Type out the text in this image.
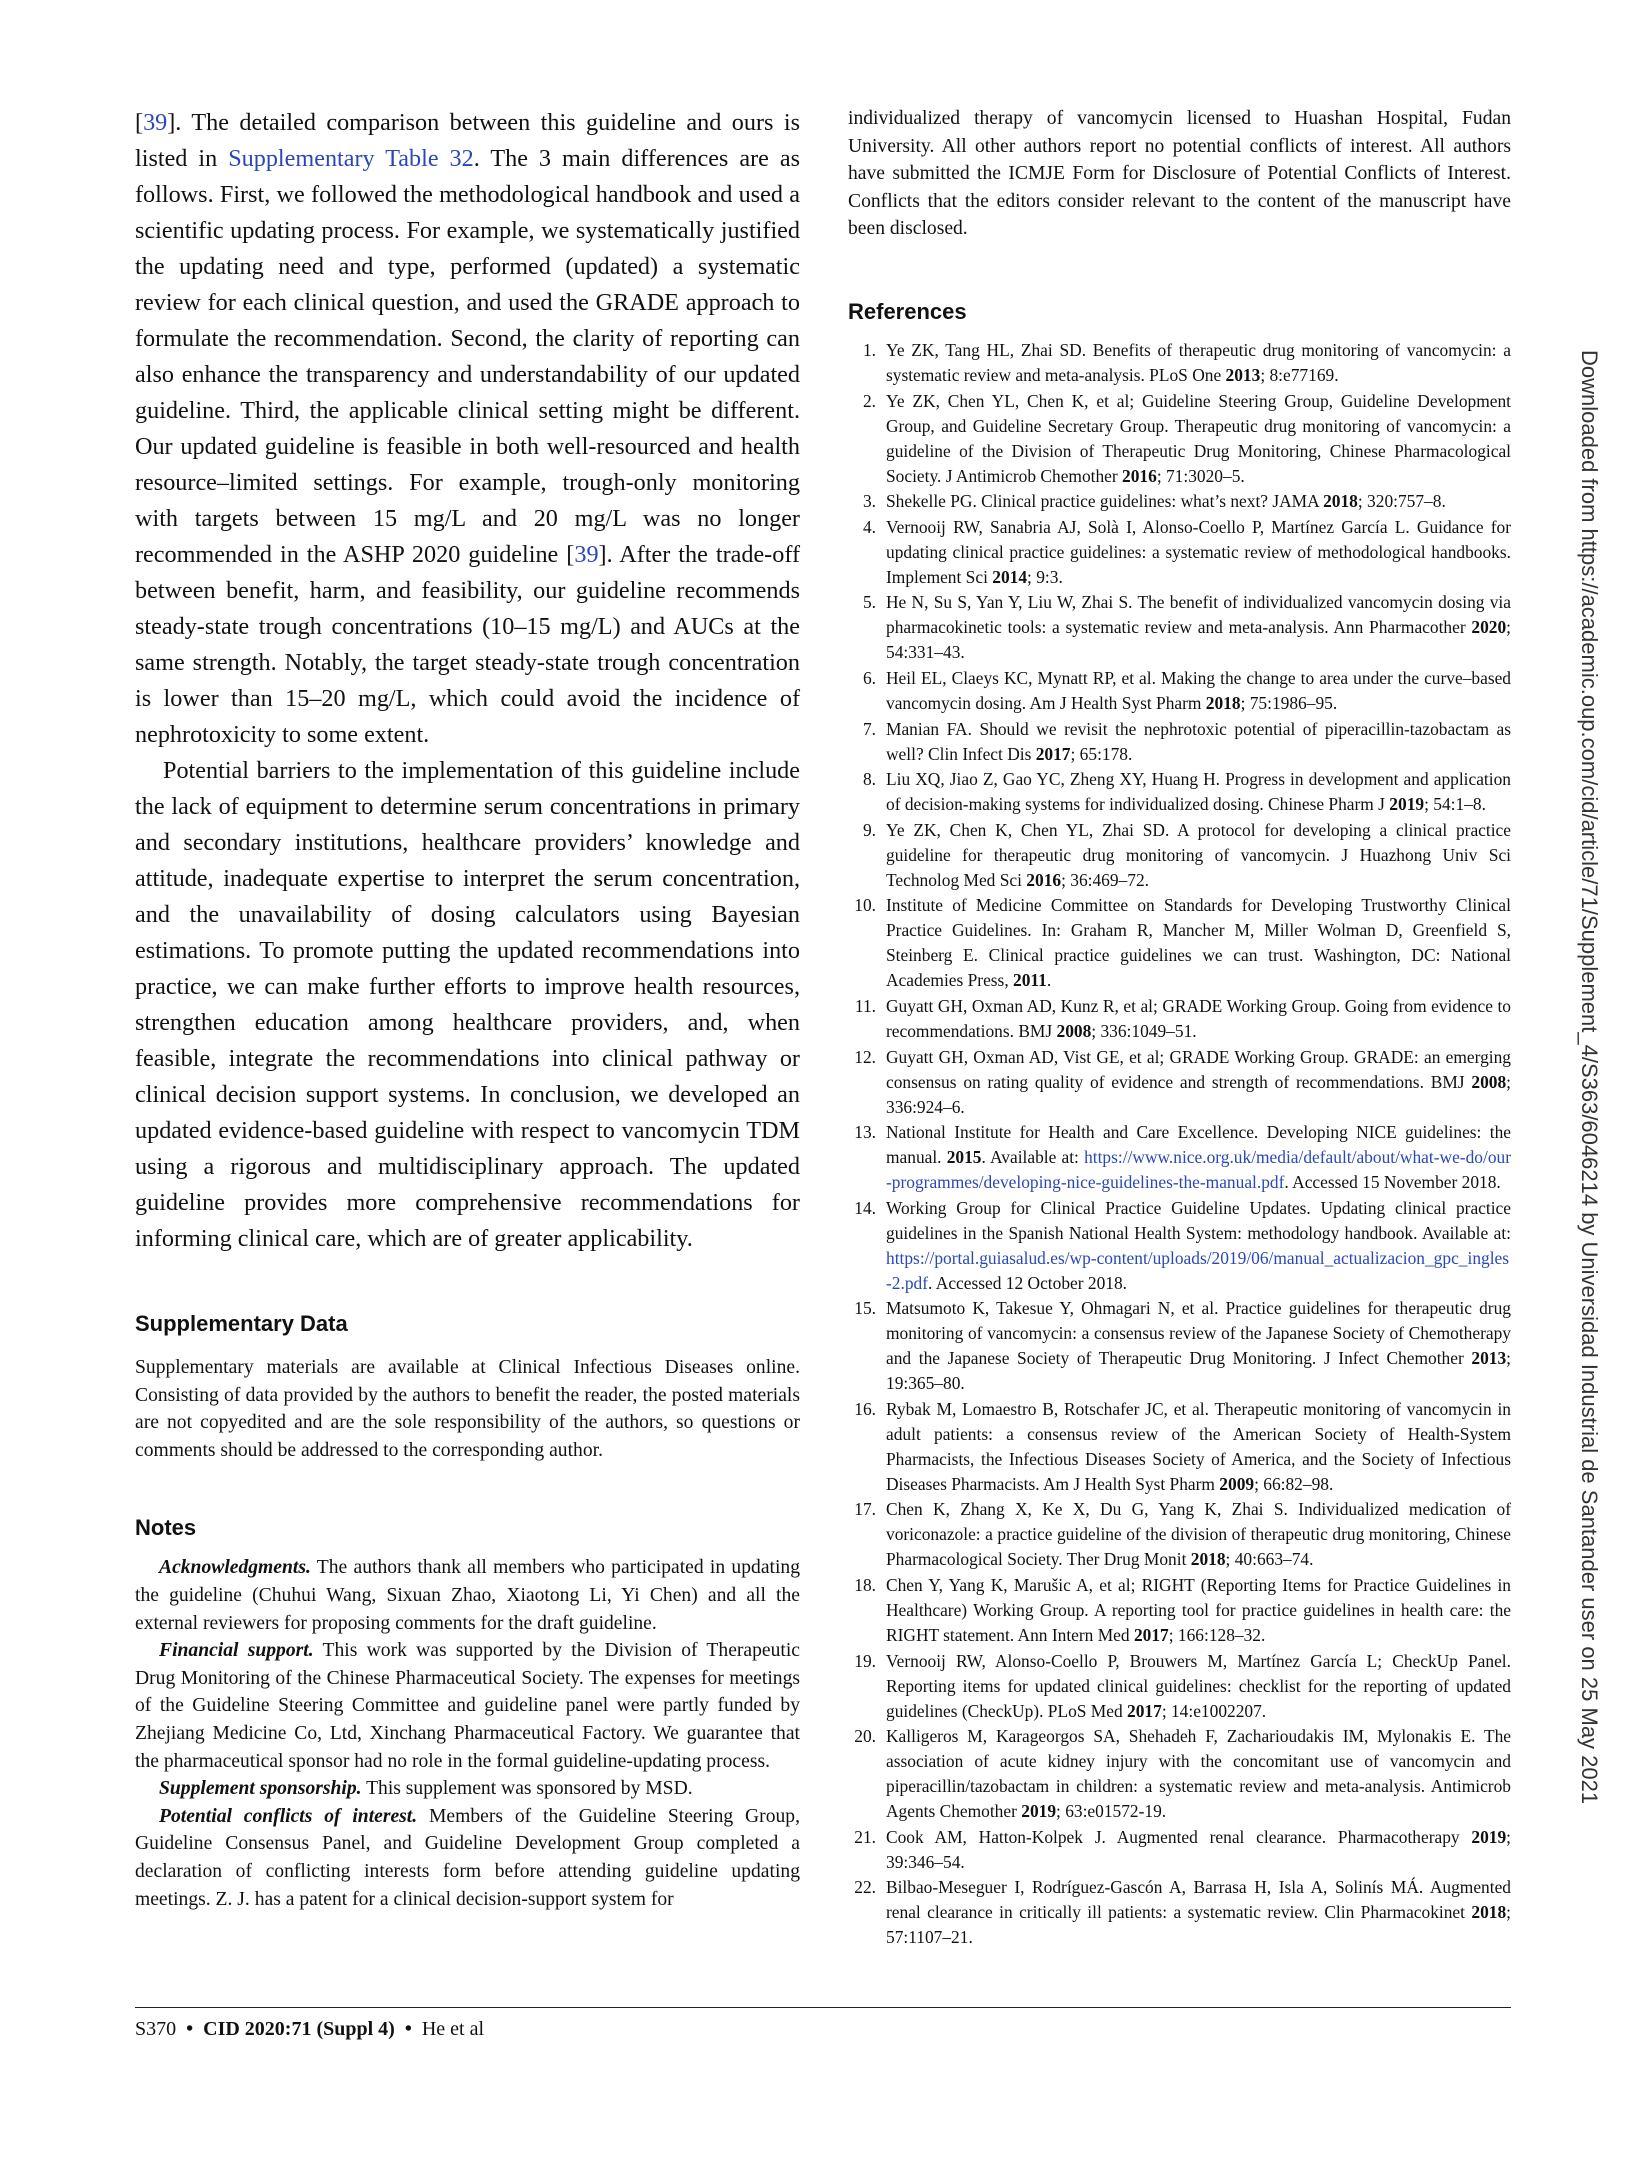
[39]. The detailed comparison between this guideline and ours is listed in Supplementary Table 32. The 3 main differences are as follows. First, we followed the methodological handbook and used a scientific updating process. For example, we systematically justified the updating need and type, performed (updated) a systematic review for each clinical question, and used the GRADE approach to formulate the recommendation. Second, the clarity of reporting can also enhance the transparency and understandability of our updated guideline. Third, the applicable clinical setting might be different. Our updated guideline is feasible in both well-resourced and health resource–limited settings. For example, trough-only monitoring with targets between 15 mg/L and 20 mg/L was no longer recommended in the ASHP 2020 guideline [39]. After the trade-off between benefit, harm, and feasibility, our guideline recommends steady-state trough concentrations (10–15 mg/L) and AUCs at the same strength. Notably, the target steady-state trough concentration is lower than 15–20 mg/L, which could avoid the incidence of nephrotoxicity to some extent.

Potential barriers to the implementation of this guideline include the lack of equipment to determine serum concentrations in primary and secondary institutions, healthcare providers’ knowledge and attitude, inadequate expertise to interpret the serum concentration, and the unavailability of dosing calculators using Bayesian estimations. To promote putting the updated recommendations into practice, we can make further efforts to improve health resources, strengthen education among healthcare providers, and, when feasible, integrate the recommendations into clinical pathway or clinical decision support systems. In conclusion, we developed an updated evidence-based guideline with respect to vancomycin TDM using a rigorous and multidisciplinary approach. The updated guideline provides more comprehensive recommendations for informing clinical care, which are of greater applicability.

Supplementary Data

Supplementary materials are available at Clinical Infectious Diseases online. Consisting of data provided by the authors to benefit the reader, the posted materials are not copyedited and are the sole responsibility of the authors, so questions or comments should be addressed to the corresponding author.

Notes

Acknowledgments. The authors thank all members who participated in updating the guideline (Chuhui Wang, Sixuan Zhao, Xiaotong Li, Yi Chen) and all the external reviewers for proposing comments for the draft guideline.

Financial support. This work was supported by the Division of Therapeutic Drug Monitoring of the Chinese Pharmaceutical Society. The expenses for meetings of the Guideline Steering Committee and guideline panel were partly funded by Zhejiang Medicine Co, Ltd, Xinchang Pharmaceutical Factory. We guarantee that the pharmaceutical sponsor had no role in the formal guideline-updating process.

Supplement sponsorship. This supplement was sponsored by MSD.

Potential conflicts of interest. Members of the Guideline Steering Group, Guideline Consensus Panel, and Guideline Development Group completed a declaration of conflicting interests form before attending guideline updating meetings. Z. J. has a patent for a clinical decision-support system for

individualized therapy of vancomycin licensed to Huashan Hospital, Fudan University. All other authors report no potential conflicts of interest. All authors have submitted the ICMJE Form for Disclosure of Potential Conflicts of Interest. Conflicts that the editors consider relevant to the content of the manuscript have been disclosed.

References
1. Ye ZK, Tang HL, Zhai SD. Benefits of therapeutic drug monitoring of vancomycin: a systematic review and meta-analysis. PLoS One 2013; 8:e77169.
2. Ye ZK, Chen YL, Chen K, et al; Guideline Steering Group, Guideline Development Group, and Guideline Secretary Group. Therapeutic drug monitoring of vancomycin: a guideline of the Division of Therapeutic Drug Monitoring, Chinese Pharmacological Society. J Antimicrob Chemother 2016; 71:3020–5.
3. Shekelle PG. Clinical practice guidelines: what’s next? JAMA 2018; 320:757–8.
4. Vernooij RW, Sanabria AJ, Solà I, Alonso-Coello P, Martínez García L. Guidance for updating clinical practice guidelines: a systematic review of methodological handbooks. Implement Sci 2014; 9:3.
5. He N, Su S, Yan Y, Liu W, Zhai S. The benefit of individualized vancomycin dosing via pharmacokinetic tools: a systematic review and meta-analysis. Ann Pharmacother 2020; 54:331–43.
6. Heil EL, Claeys KC, Mynatt RP, et al. Making the change to area under the curve–based vancomycin dosing. Am J Health Syst Pharm 2018; 75:1986–95.
7. Manian FA. Should we revisit the nephrotoxic potential of piperacillin-tazobactam as well? Clin Infect Dis 2017; 65:178.
8. Liu XQ, Jiao Z, Gao YC, Zheng XY, Huang H. Progress in development and application of decision-making systems for individualized dosing. Chinese Pharm J 2019; 54:1–8.
9. Ye ZK, Chen K, Chen YL, Zhai SD. A protocol for developing a clinical practice guideline for therapeutic drug monitoring of vancomycin. J Huazhong Univ Sci Technolog Med Sci 2016; 36:469–72.
10. Institute of Medicine Committee on Standards for Developing Trustworthy Clinical Practice Guidelines. In: Graham R, Mancher M, Miller Wolman D, Greenfield S, Steinberg E. Clinical practice guidelines we can trust. Washington, DC: National Academies Press, 2011.
11. Guyatt GH, Oxman AD, Kunz R, et al; GRADE Working Group. Going from evidence to recommendations. BMJ 2008; 336:1049–51.
12. Guyatt GH, Oxman AD, Vist GE, et al; GRADE Working Group. GRADE: an emerging consensus on rating quality of evidence and strength of recommendations. BMJ 2008; 336:924–6.
13. National Institute for Health and Care Excellence. Developing NICE guidelines: the manual. 2015. Available at: https://www.nice.org.uk/media/default/about/what-we-do/our-programmes/developing-nice-guidelines-the-manual.pdf. Accessed 15 November 2018.
14. Working Group for Clinical Practice Guideline Updates. Updating clinical practice guidelines in the Spanish National Health System: methodology handbook. Available at: https://portal.guiasalud.es/wp-content/uploads/2019/06/manual_actualizacion_gpc_ingles-2.pdf. Accessed 12 October 2018.
15. Matsumoto K, Takesue Y, Ohmagari N, et al. Practice guidelines for therapeutic drug monitoring of vancomycin: a consensus review of the Japanese Society of Chemotherapy and the Japanese Society of Therapeutic Drug Monitoring. J Infect Chemother 2013; 19:365–80.
16. Rybak M, Lomaestro B, Rotschafer JC, et al. Therapeutic monitoring of vancomycin in adult patients: a consensus review of the American Society of Health-System Pharmacists, the Infectious Diseases Society of America, and the Society of Infectious Diseases Pharmacists. Am J Health Syst Pharm 2009; 66:82–98.
17. Chen K, Zhang X, Ke X, Du G, Yang K, Zhai S. Individualized medication of voriconazole: a practice guideline of the division of therapeutic drug monitoring, Chinese Pharmacological Society. Ther Drug Monit 2018; 40:663–74.
18. Chen Y, Yang K, Marušic A, et al; RIGHT (Reporting Items for Practice Guidelines in Healthcare) Working Group. A reporting tool for practice guidelines in health care: the RIGHT statement. Ann Intern Med 2017; 166:128–32.
19. Vernooij RW, Alonso-Coello P, Brouwers M, Martínez García L; CheckUp Panel. Reporting items for updated clinical guidelines: checklist for the reporting of updated guidelines (CheckUp). PLoS Med 2017; 14:e1002207.
20. Kalligeros M, Karageorgos SA, Shehadeh F, Zacharioudakis IM, Mylonakis E. The association of acute kidney injury with the concomitant use of vancomycin and piperacillin/tazobactam in children: a systematic review and meta-analysis. Antimicrob Agents Chemother 2019; 63:e01572-19.
21. Cook AM, Hatton-Kolpek J. Augmented renal clearance. Pharmacotherapy 2019; 39:346–54.
22. Bilbao-Meseguer I, Rodríguez-Gascón A, Barrasa H, Isla A, Solinís MÁ. Augmented renal clearance in critically ill patients: a systematic review. Clin Pharmacokinet 2018; 57:1107–21.
Downloaded from https://academic.oup.com/cid/article/71/Supplement_4/S363/6046214 by Universidad Industrial de Santander user on 25 May 2021
S370 • CID 2020:71 (Suppl 4) • He et al
